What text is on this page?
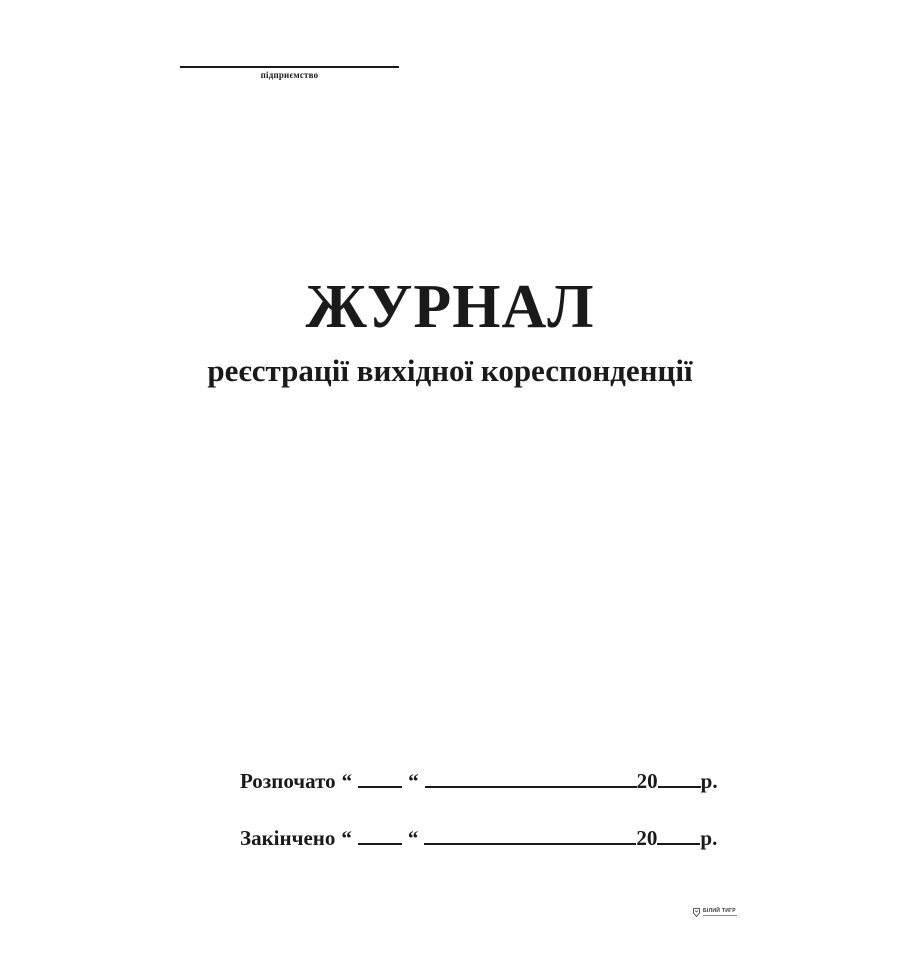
підприємство
ЖУРНАЛ
реєстрації вихідної кореспонденції
Розпочато “	“	20 р.
Закінчено “	“	20 р.
БІЛИЙ ТИГР
